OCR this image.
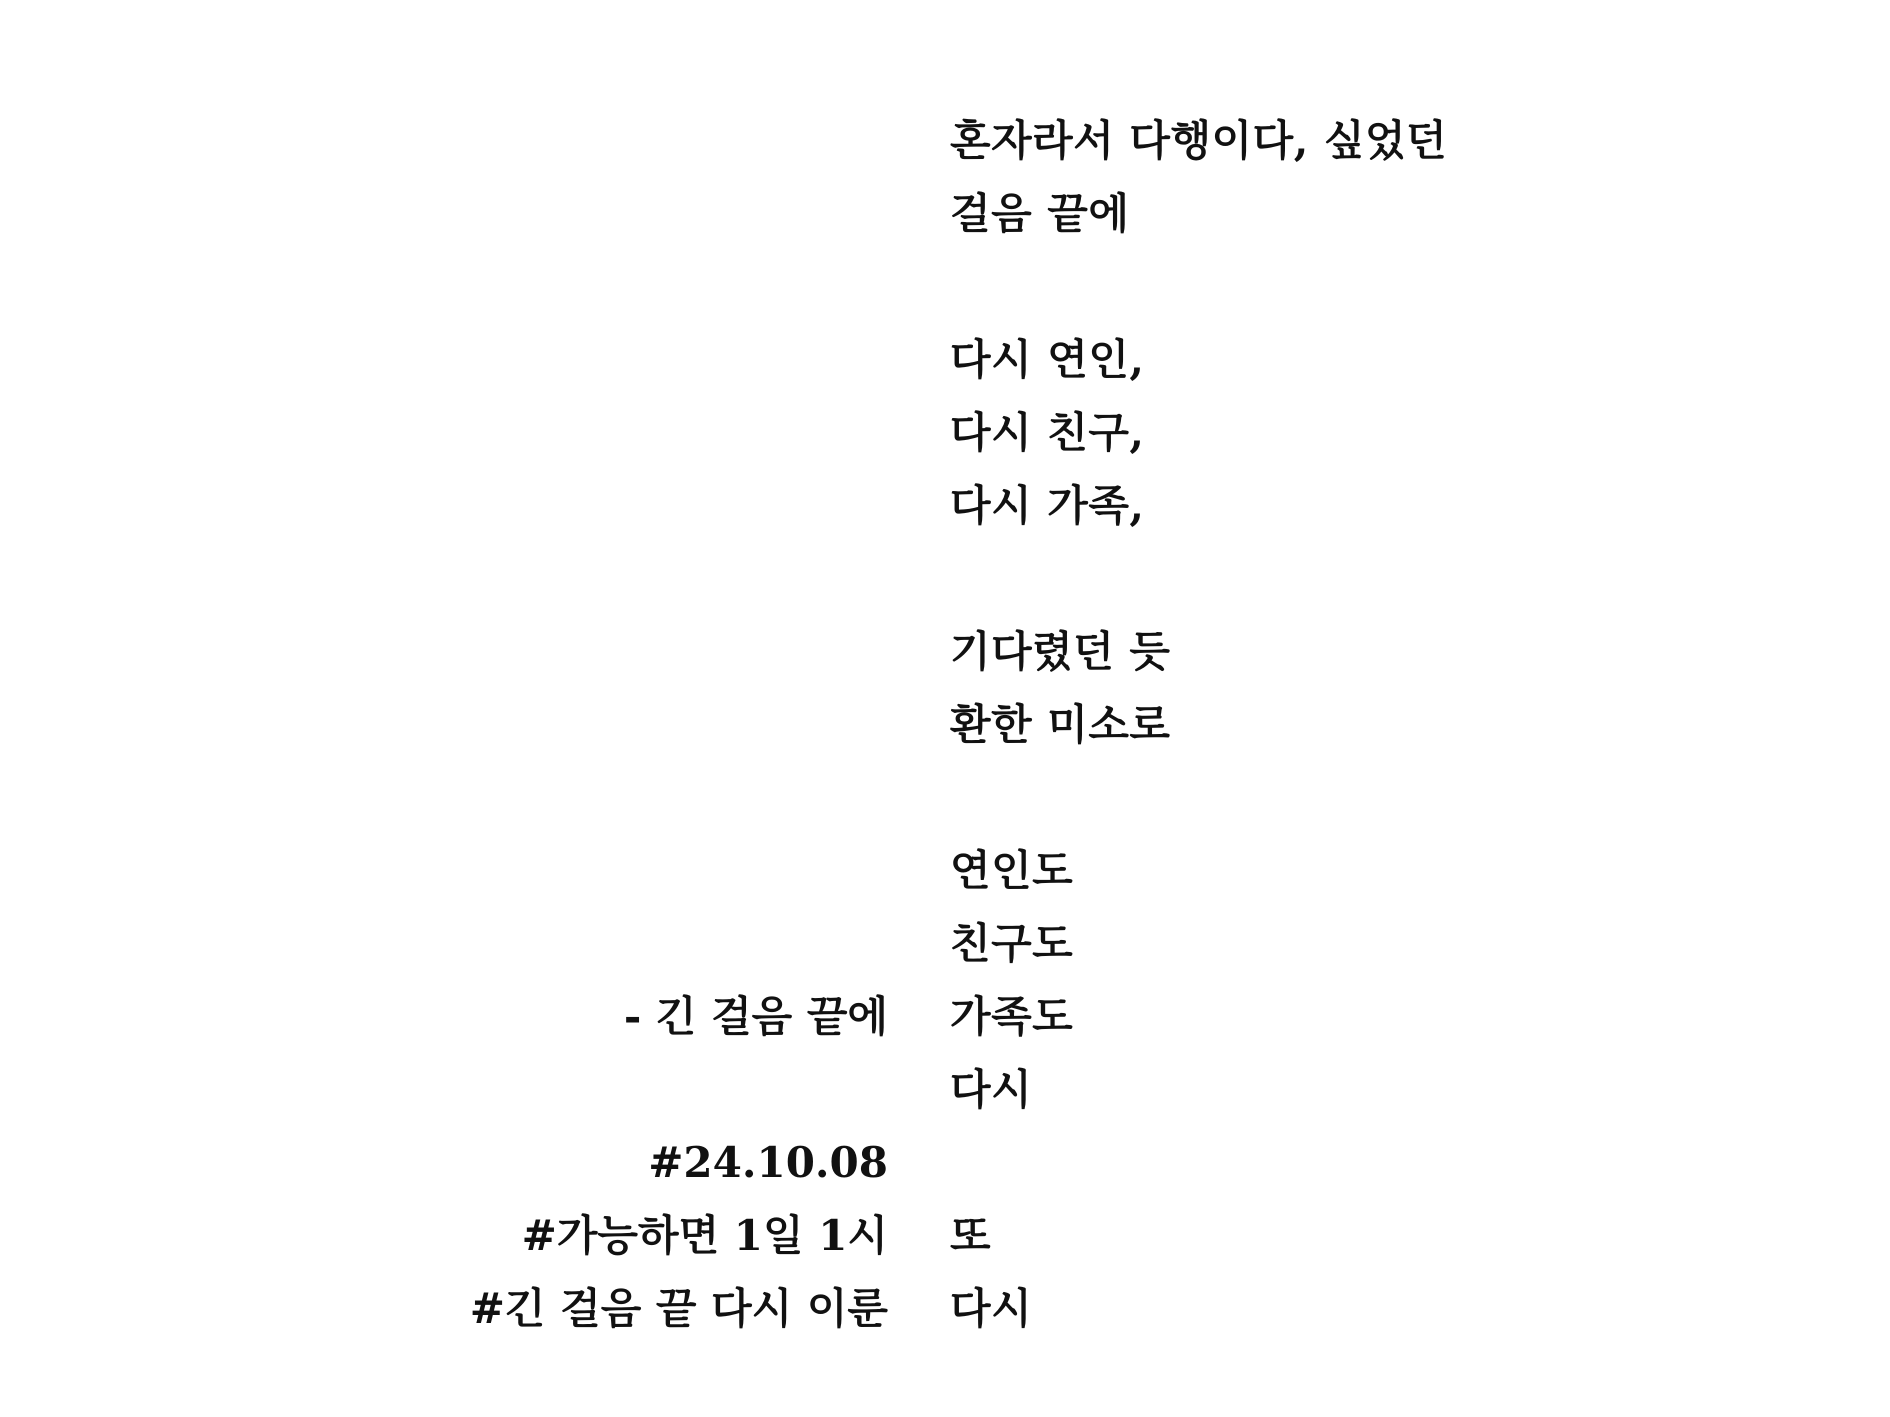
혼자라서 다행이다, 싶었던
걸음 끝에
다시 연인,
다시 친구,
다시 가족,
기다렸던 듯
환한 미소로
연인도
친구도
가족도
다시
또
다시
- 긴 걸음 끝에
#24.10.08
#가능하면 1일 1시
#긴 걸음 끝 다시 이룬
